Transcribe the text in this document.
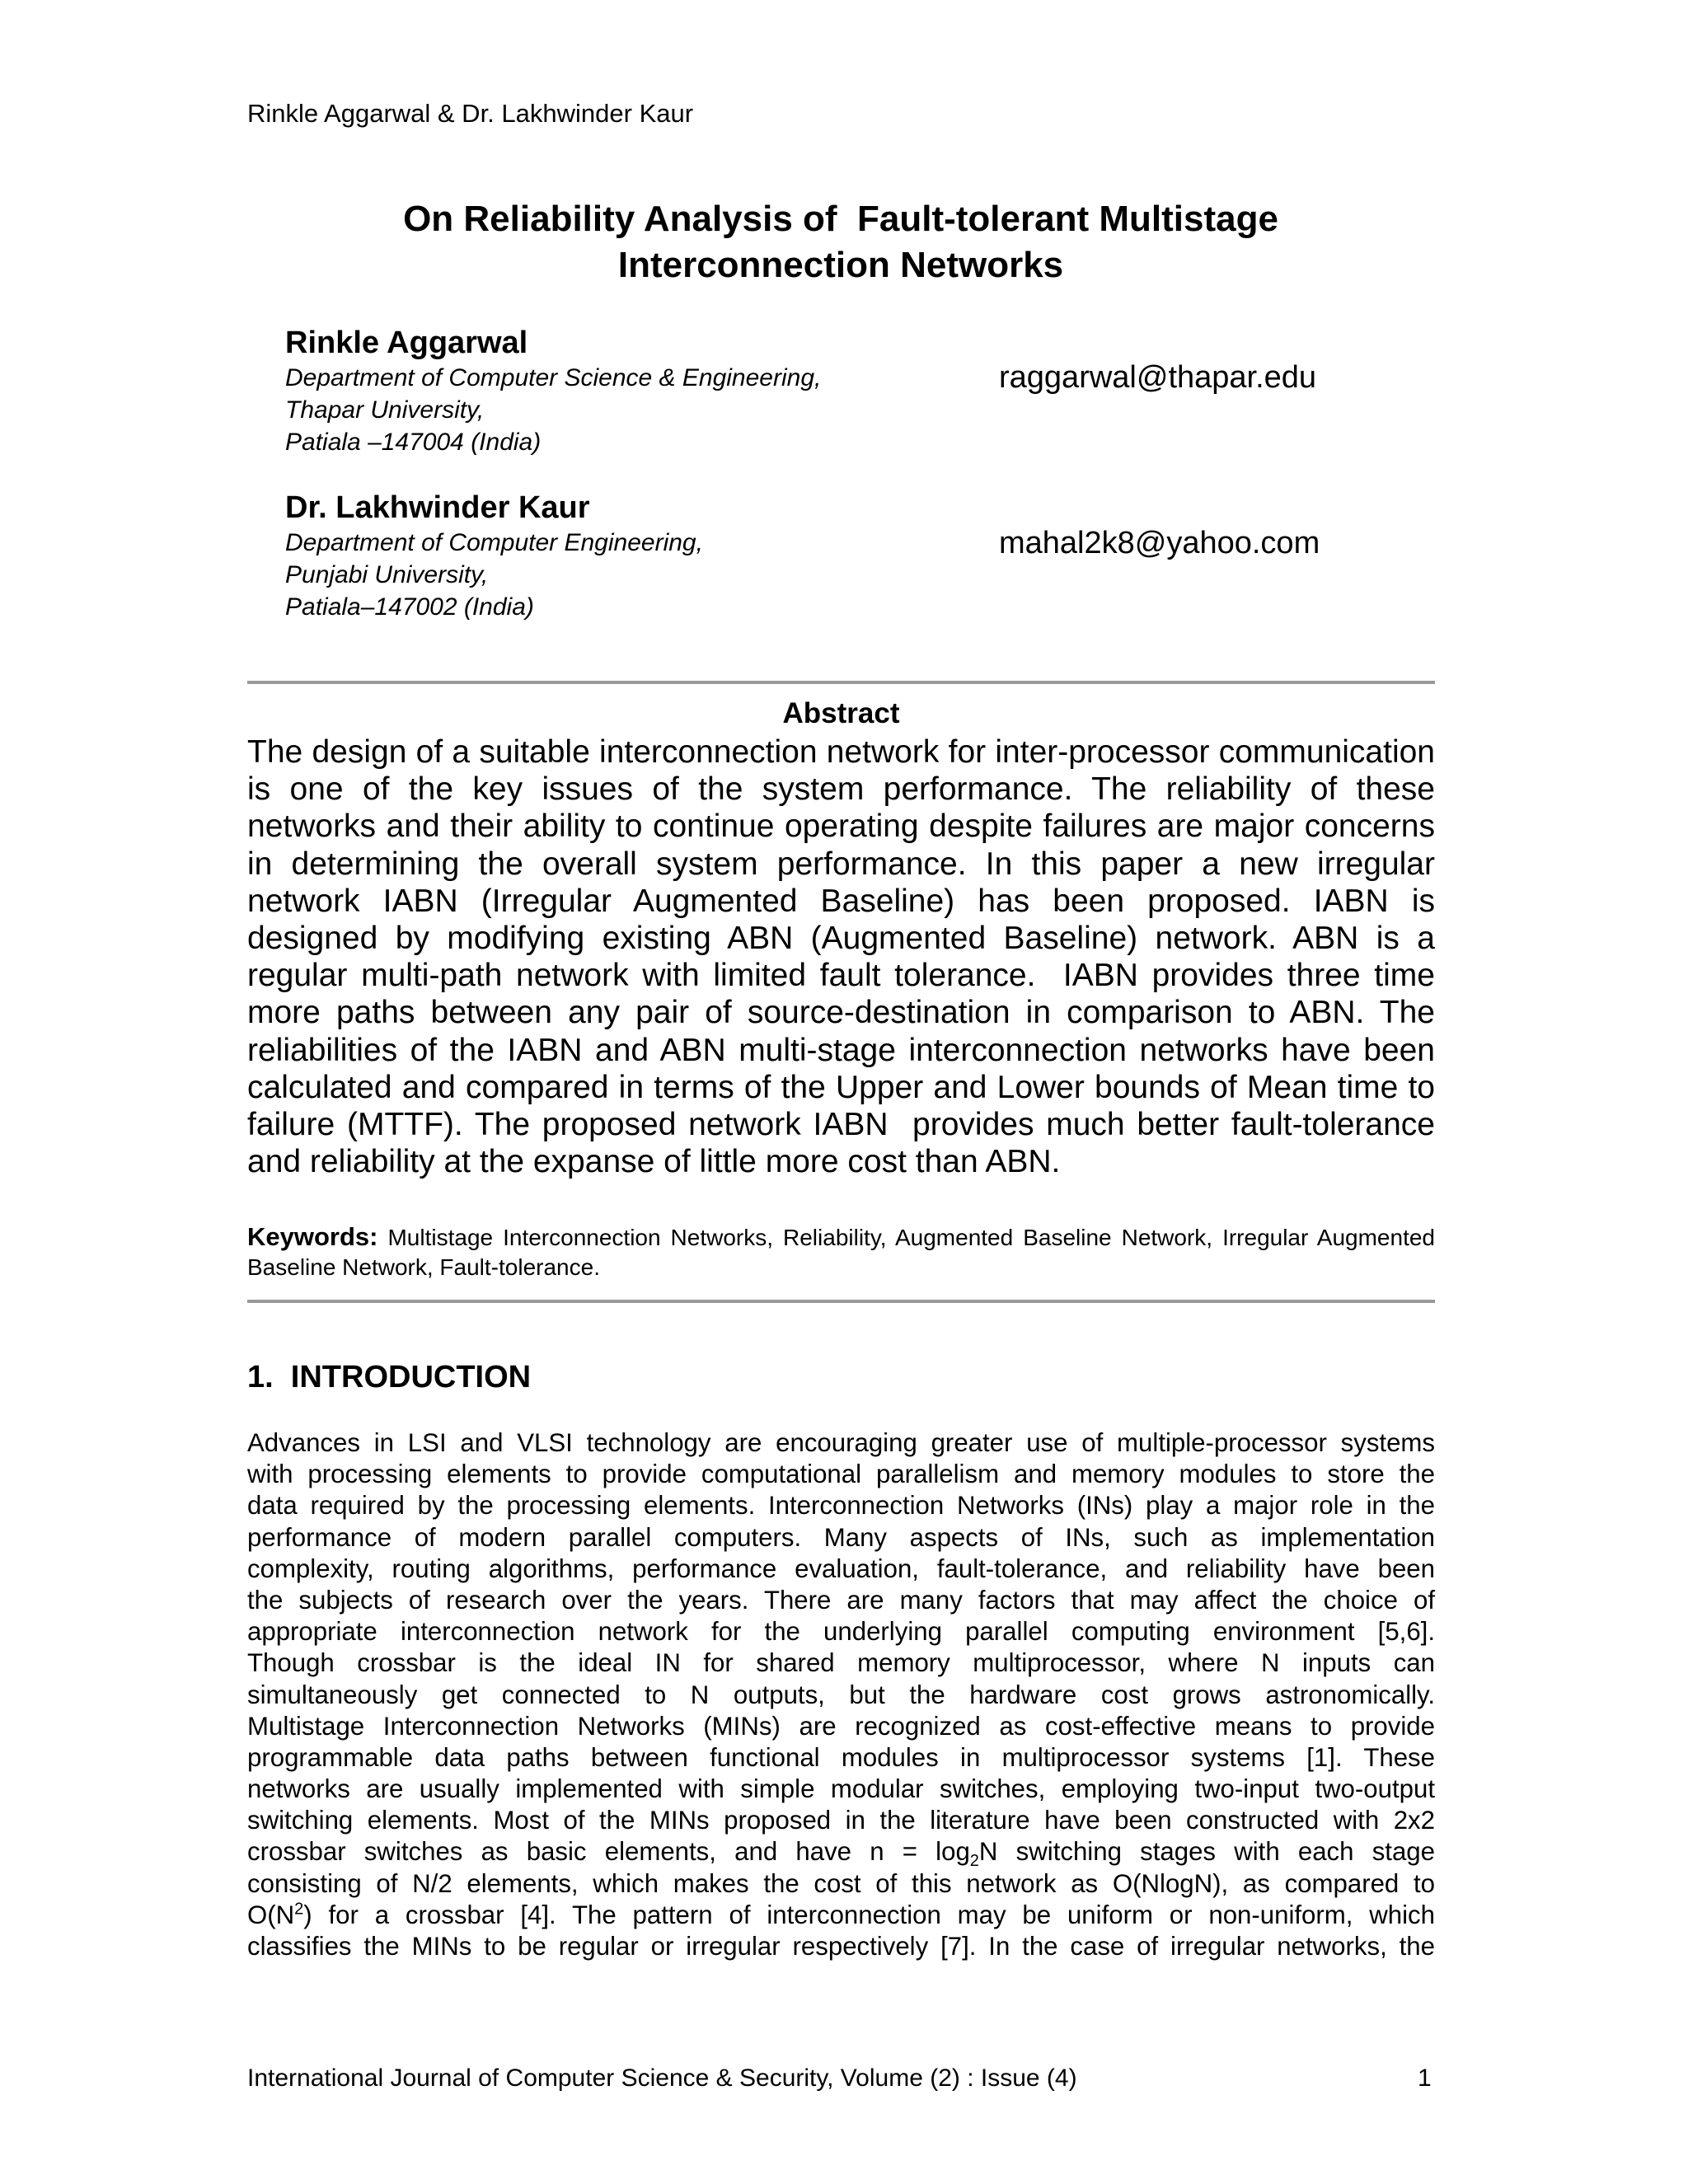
Rinkle Aggarwal & Dr. Lakhwinder Kaur
On Reliability Analysis of  Fault-tolerant Multistage
Interconnection Networks
Rinkle Aggarwal
Department of Computer Science & Engineering,
Thapar University,
Patiala –147004 (India)
raggarwal@thapar.edu
Dr. Lakhwinder Kaur
Department of Computer Engineering,
Punjabi University,
Patiala–147002 (India)
mahal2k8@yahoo.com
Abstract
The design of a suitable interconnection network for inter-processor communication is one of the key issues of the system performance. The reliability of these networks and their ability to continue operating despite failures are major concerns in determining the overall system performance. In this paper a new irregular network IABN (Irregular Augmented Baseline) has been proposed. IABN is designed by modifying existing ABN (Augmented Baseline) network. ABN is a regular multi-path network with limited fault tolerance.  IABN provides three time more paths between any pair of source-destination in comparison to ABN. The reliabilities of the IABN and ABN multi-stage interconnection networks have been calculated and compared in terms of the Upper and Lower bounds of Mean time to failure (MTTF). The proposed network IABN  provides much better fault-tolerance and reliability at the expanse of little more cost than ABN.
Keywords: Multistage Interconnection Networks, Reliability, Augmented Baseline Network, Irregular Augmented Baseline Network, Fault-tolerance.
1.  INTRODUCTION
Advances in LSI and VLSI technology are encouraging greater use of multiple-processor systems
with processing elements to provide computational parallelism and memory modules to store the
data required by the processing elements. Interconnection Networks (INs) play a major role in the
performance of modern parallel computers. Many aspects of INs, such as implementation
complexity, routing algorithms, performance evaluation, fault-tolerance, and reliability have been
the subjects of research over the years. There are many factors that may affect the choice of
appropriate interconnection network for the underlying parallel computing environment [5,6].
Though crossbar is the ideal IN for shared memory multiprocessor, where N inputs can
simultaneously get connected to N outputs, but the hardware cost grows astronomically.
Multistage Interconnection Networks (MINs) are recognized as cost-effective means to provide
programmable data paths between functional modules in multiprocessor systems [1]. These
networks are usually implemented with simple modular switches, employing two-input two-output
switching elements. Most of the MINs proposed in the literature have been constructed with 2x2
crossbar switches as basic elements, and have $n = \log_2N$ switching stages with each stage
consisting of N/2 elements, which makes the cost of this network as O(NlogN), as compared to
$O(N^2)$ for a crossbar [4]. The pattern of interconnection may be uniform or non-uniform, which
classifies the MINs to be regular or irregular respectively [7]. In the case of irregular networks, the
International Journal of Computer Science & Security, Volume (2) : Issue (4)	1
